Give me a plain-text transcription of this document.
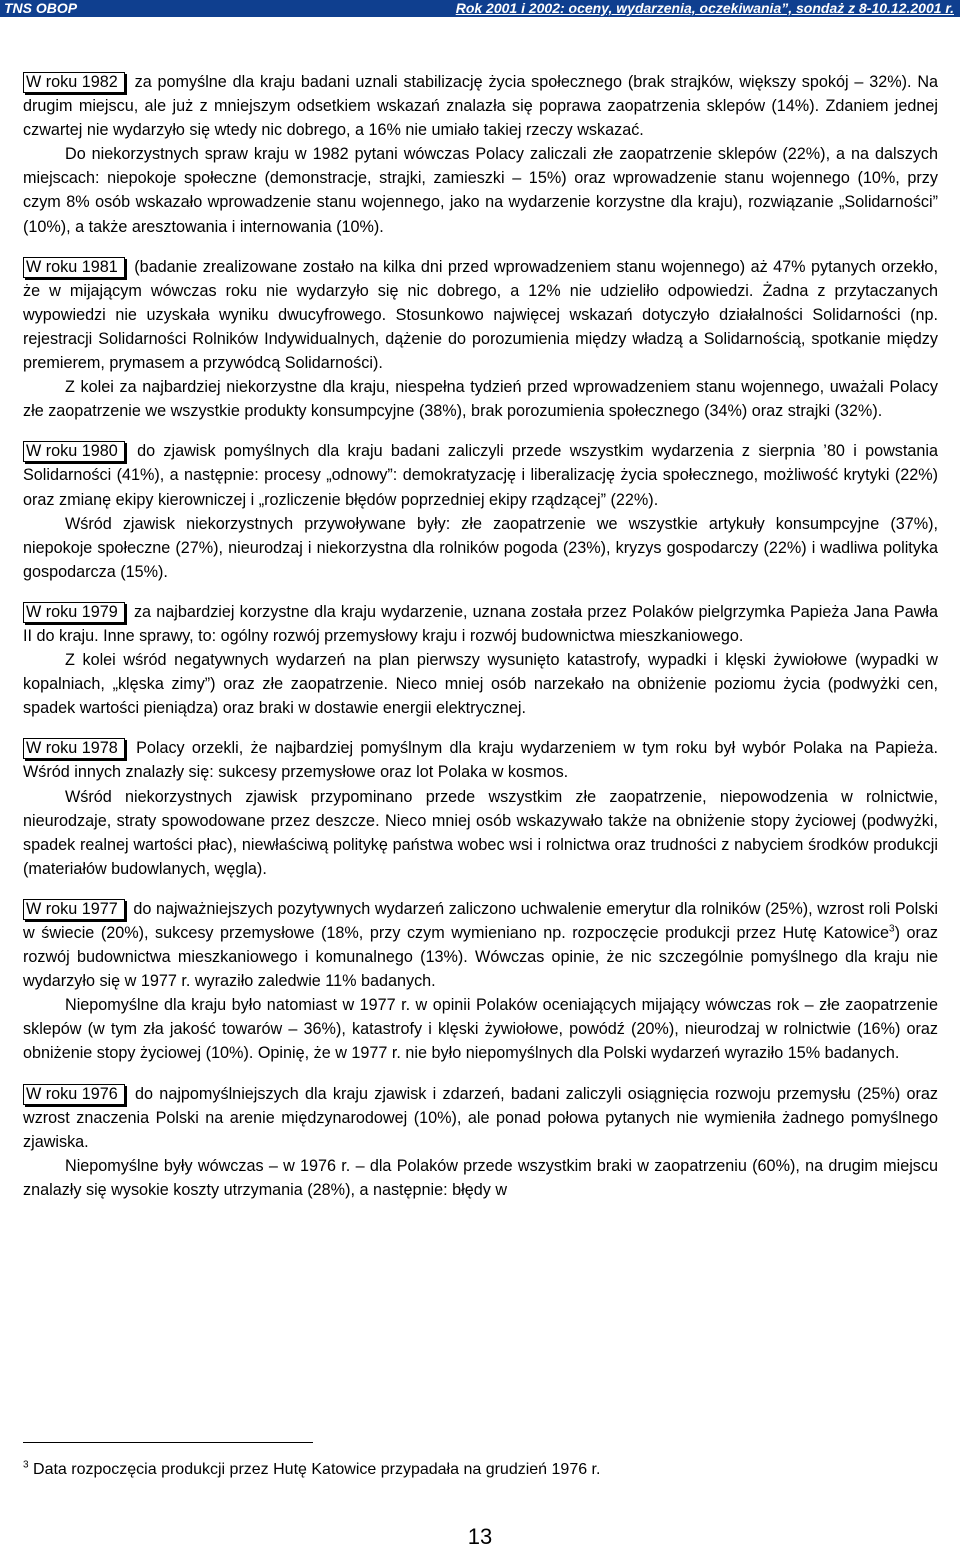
TNS OBOP	Rok 2001 i 2002: oceny, wydarzenia, oczekiwania”, sondaż z 8-10.12.2001 r.

W roku 1982 za pomyślne dla kraju badani uznali stabilizację życia społecznego (brak strajków, większy spokój – 32%). Na drugim miejscu, ale już z mniejszym odsetkiem wskazań znalazła się poprawa zaopatrzenia sklepów (14%). Zdaniem jednej czwartej nie wydarzyło się wtedy nic dobrego, a 16% nie umiało takiej rzeczy wskazać.

Do niekorzystnych spraw kraju w 1982 pytani wówczas Polacy zaliczali złe zaopatrzenie sklepów (22%), a na dalszych miejscach: niepokoje społeczne (demonstracje, strajki, zamieszki – 15%) oraz wprowadzenie stanu wojennego (10%, przy czym 8% osób wskazało wprowadzenie stanu wojennego, jako na wydarzenie korzystne dla kraju), rozwiązanie „Solidarności” (10%), a także aresztowania i internowania (10%).

W roku 1981 (badanie zrealizowane zostało na kilka dni przed wprowadzeniem stanu wojennego) aż 47% pytanych orzekło, że w mijającym wówczas roku nie wydarzyło się nic dobrego, a 12% nie udzieliło odpowiedzi. Żadna z przytaczanych wypowiedzi nie uzyskała wyniku dwucyfrowego. Stosunkowo najwięcej wskazań dotyczyło działalności Solidarności (np. rejestracji Solidarności Rolników Indywidualnych, dążenie do porozumienia między władzą a Solidarnością, spotkanie między premierem, prymasem a przywódcą Solidarności).

Z kolei za najbardziej niekorzystne dla kraju, niespełna tydzień przed wprowadzeniem stanu wojennego, uważali Polacy złe zaopatrzenie we wszystkie produkty konsumpcyjne (38%), brak porozumienia społecznego (34%) oraz strajki (32%).

W roku 1980 do zjawisk pomyślnych dla kraju badani zaliczyli przede wszystkim wydarzenia z sierpnia ’80 i powstania Solidarności (41%), a następnie: procesy „odnowy”: demokratyzację i liberalizację życia społecznego, możliwość krytyki (22%) oraz zmianę ekipy kierowniczej i „rozliczenie błędów poprzedniej ekipy rządzącej” (22%).

Wśród zjawisk niekorzystnych przywoływane były: złe zaopatrzenie we wszystkie artykuły konsumpcyjne (37%), niepokoje społeczne (27%), nieurodzaj i niekorzystna dla rolników pogoda (23%), kryzys gospodarczy (22%) i wadliwa polityka gospodarcza (15%).

W roku 1979 za najbardziej korzystne dla kraju wydarzenie, uznana została przez Polaków pielgrzymka Papieża Jana Pawła II do kraju. Inne sprawy, to: ogólny rozwój przemysłowy kraju i rozwój budownictwa mieszkaniowego.

Z kolei wśród negatywnych wydarzeń na plan pierwszy wysunięto katastrofy, wypadki i klęski żywiołowe (wypadki w kopalniach, „klęska zimy”) oraz złe zaopatrzenie. Nieco mniej osób narzekało na obniżenie poziomu życia (podwyżki cen, spadek wartości pieniądza) oraz braki w dostawie energii elektrycznej.

W roku 1978 Polacy orzekli, że najbardziej pomyślnym dla kraju wydarzeniem w tym roku był wybór Polaka na Papieża. Wśród innych znalazły się: sukcesy przemysłowe oraz lot Polaka w kosmos.

Wśród niekorzystnych zjawisk przypominano przede wszystkim złe zaopatrzenie, niepowodzenia w rolnictwie, nieurodzaje, straty spowodowane przez deszcze. Nieco mniej osób wskazywało także na obniżenie stopy życiowej (podwyżki, spadek realnej wartości płac), niewłaściwą politykę państwa wobec wsi i rolnictwa oraz trudności z nabyciem środków produkcji (materiałów budowlanych, węgla).

W roku 1977 do najważniejszych pozytywnych wydarzeń zaliczono uchwalenie emerytur dla rolników (25%), wzrost roli Polski w świecie (20%), sukcesy przemysłowe (18%, przy czym wymieniano np. rozpoczęcie produkcji przez Hutę Katowice$^3$) oraz rozwój budownictwa mieszkaniowego i komunalnego (13%). Wówczas opinie, że nic szczególnie pomyślnego dla kraju nie wydarzyło się w 1977 r. wyraziło zaledwie 11% badanych.

Niepomyślne dla kraju było natomiast w 1977 r. w opinii Polaków oceniających mijający wówczas rok – złe zaopatrzenie sklepów (w tym zła jakość towarów – 36%), katastrofy i klęski żywiołowe, powódź (20%), nieurodzaj w rolnictwie (16%) oraz obniżenie stopy życiowej (10%). Opinię, że w 1977 r. nie było niepomyślnych dla Polski wydarzeń wyraziło 15% badanych.

W roku 1976 do najpomyślniejszych dla kraju zjawisk i zdarzeń, badani zaliczyli osiągnięcia rozwoju przemysłu (25%) oraz wzrost znaczenia Polski na arenie międzynarodowej (10%), ale ponad połowa pytanych nie wymieniła żadnego pomyślnego zjawiska.

Niepomyślne były wówczas – w 1976 r. – dla Polaków przede wszystkim braki w zaopatrzeniu (60%), na drugim miejscu znalazły się wysokie koszty utrzymania (28%), a następnie: błędy w

$^3$ Data rozpoczęcia produkcji przez Hutę Katowice przypadała na grudzień 1976 r.
13
